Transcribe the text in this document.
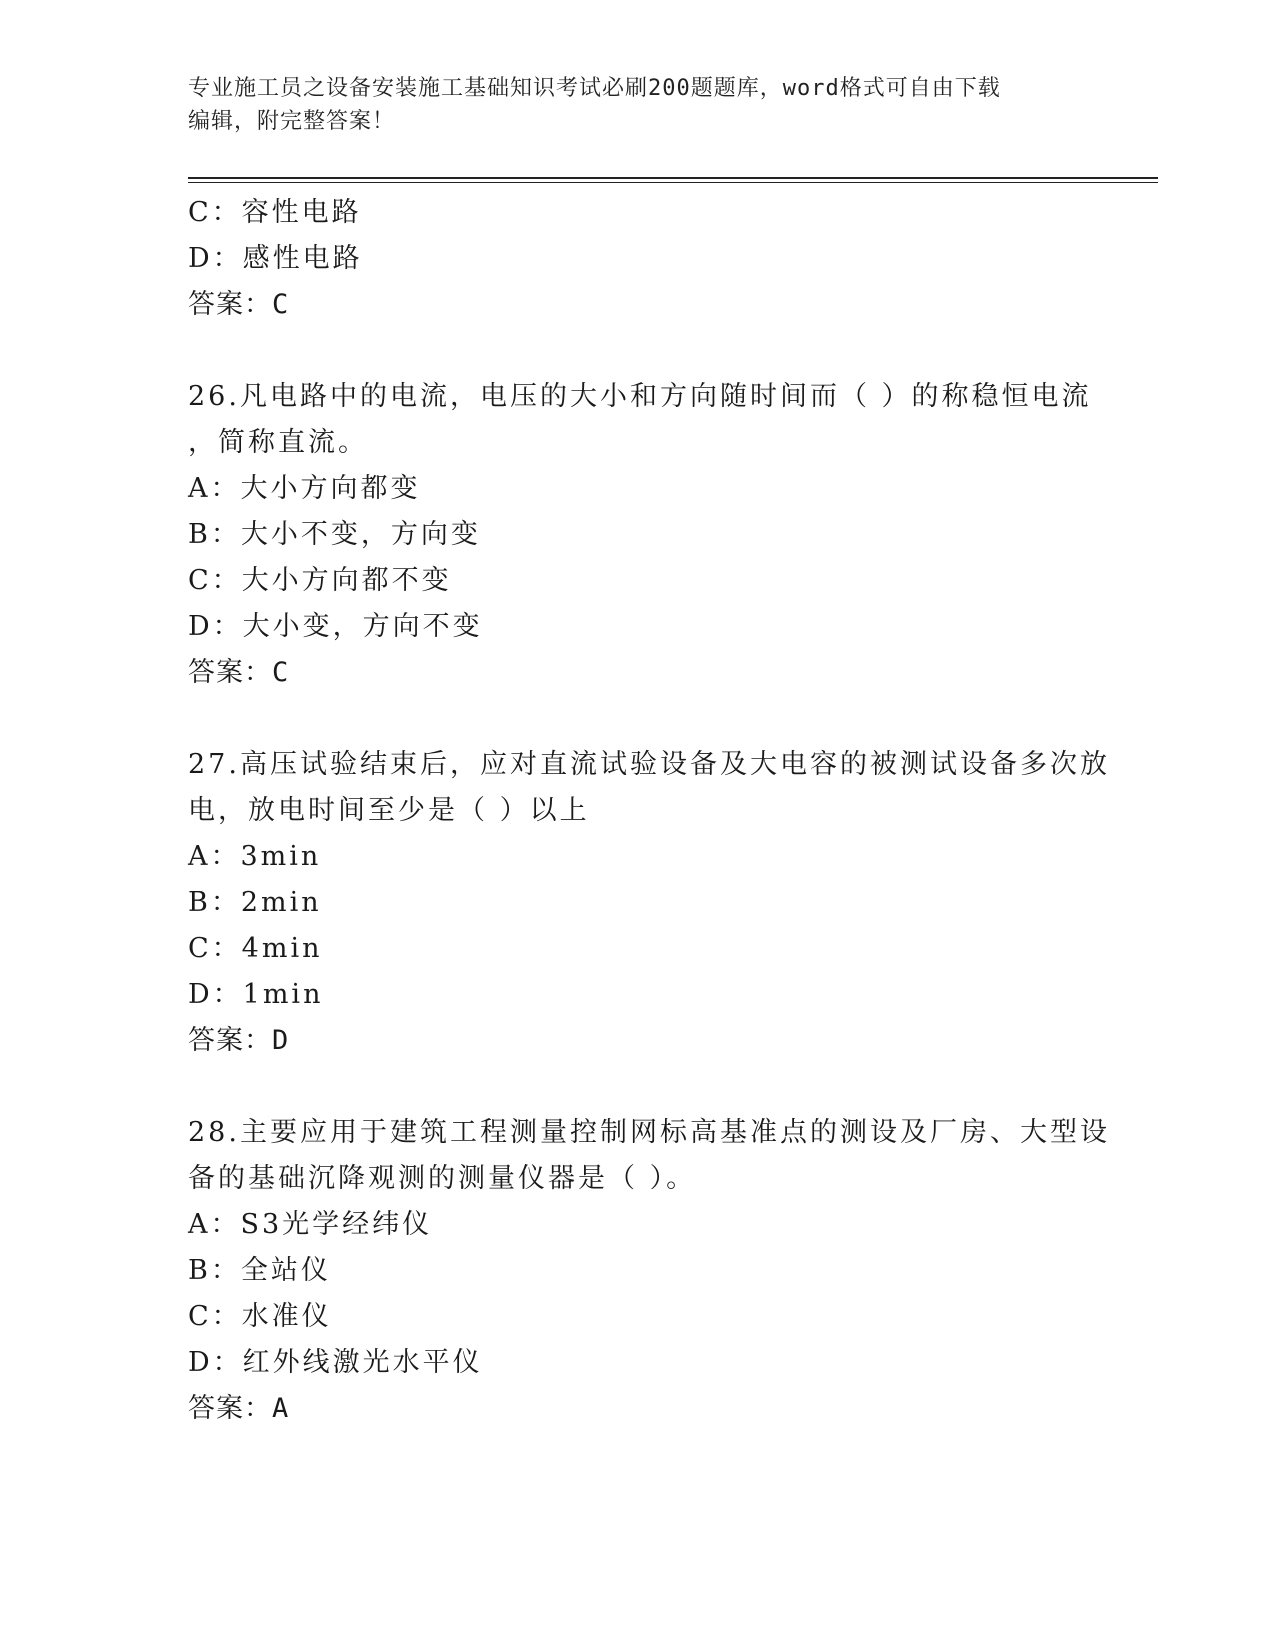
专业施工员之设备安装施工基础知识考试必刷200题题库，word格式可自由下载
编辑，附完整答案！
C：容性电路
D：感性电路
答案：C
26.凡电路中的电流，电压的大小和方向随时间而（ ）的称稳恒电流
，简称直流。
A：大小方向都变
B：大小不变，方向变
C：大小方向都不变
D：大小变，方向不变
答案：C
27.高压试验结束后，应对直流试验设备及大电容的被测试设备多次放
电，放电时间至少是（ ）以上
A：3min
B：2min
C：4min
D：1min
答案：D
28.主要应用于建筑工程测量控制网标高基准点的测设及厂房、大型设
备的基础沉降观测的测量仪器是（ ）。
A：S3光学经纬仪
B：全站仪
C：水准仪
D：红外线激光水平仪
答案：A
